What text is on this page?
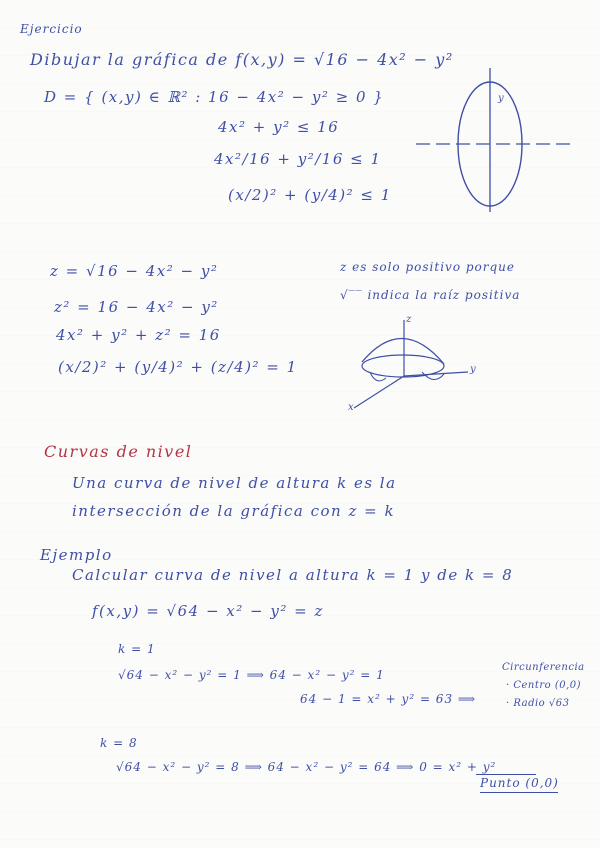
Ejercicio
Dibujar la gráfica de f(x,y) = √16 − 4x² − y²
D = { (x,y) ∈ ℝ² : 16 − 4x² − y² ≥ 0 }
4x² + y² ≤ 16
4x²/16 + y²/16 ≤ 1
(x/2)² + (y/4)² ≤ 1
y
z = √16 − 4x² − y²
z² = 16 − 4x² − y²
4x² + y² + z² = 16
(x/2)² + (y/4)² + (z/4)² = 1
z es solo positivo porque
√‾‾ indica la raíz positiva
z
y
x
Curvas de nivel
Una curva de nivel de altura k es la
intersección de la gráfica con z = k
Ejemplo
Calcular curva de nivel a altura k = 1 y de k = 8
f(x,y) = √64 − x² − y² = z
k = 1
√64 − x² − y² = 1 ⟹ 64 − x² − y² = 1
64 − 1 = x² + y² = 63 ⟹
Circunferencia
· Centro (0,0)
· Radio √63
k = 8
√64 − x² − y² = 8 ⟹ 64 − x² − y² = 64 ⟹ 0 = x² + y²
Punto (0,0)
